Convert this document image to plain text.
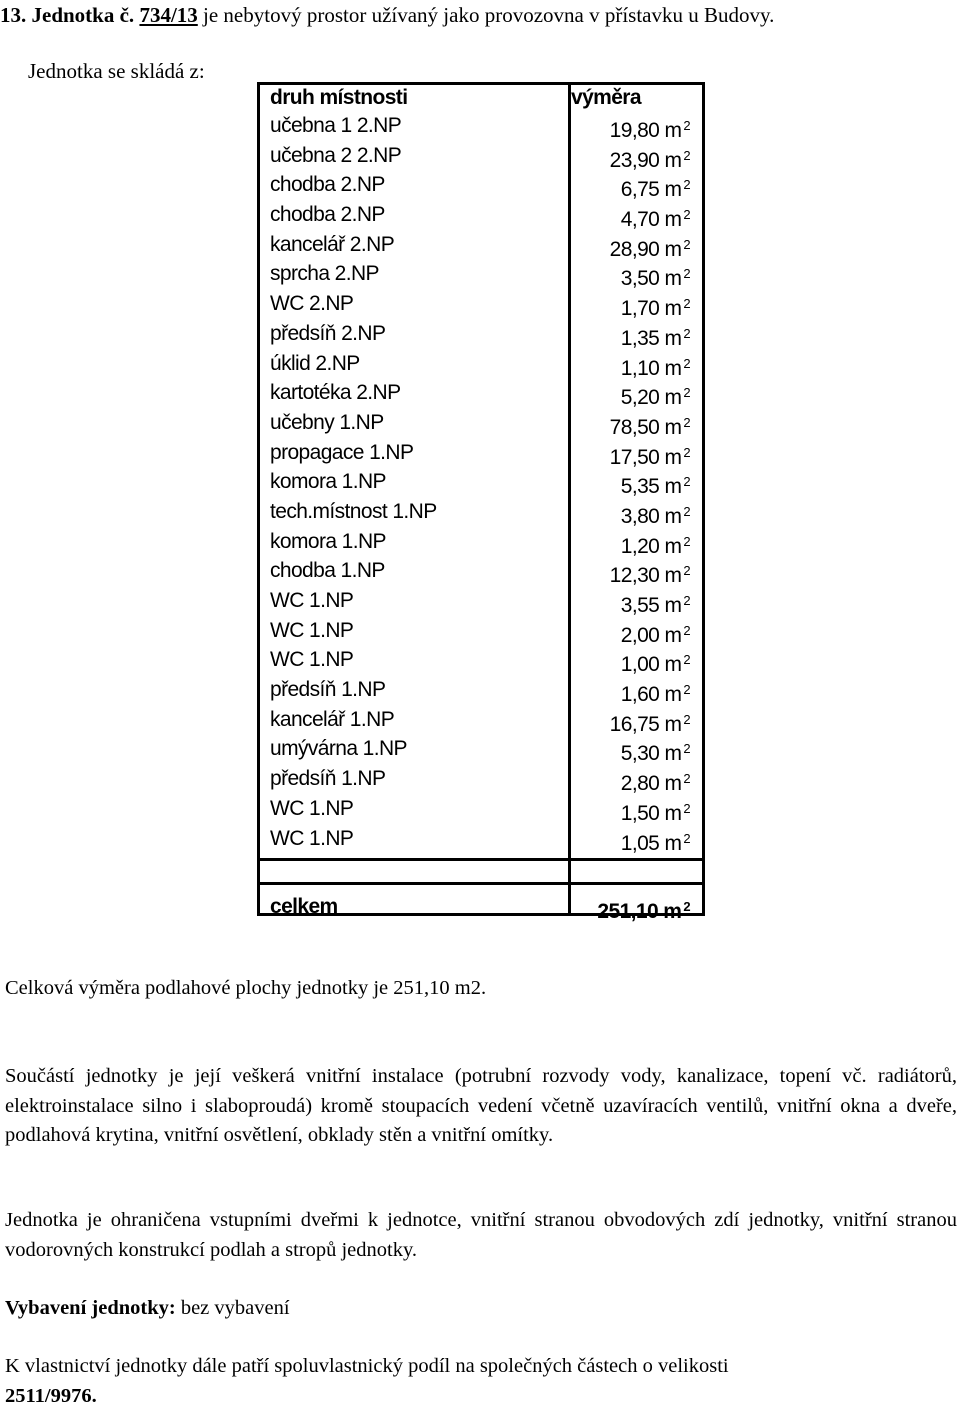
13. Jednotka č. 734/13 je nebytový prostor užívaný jako provozovna v přístavku u Budovy.
Jednotka se skládá z:
druh místnosti	výměra
učebna 1 2.NP	19,80 m $^2$
učebna 2 2.NP	23,90 m $^2$
chodba 2.NP	6,75 m $^2$
chodba 2.NP	4,70 m $^2$
kancelář 2.NP	28,90 m $^2$
sprcha 2.NP	3,50 m $^2$
WC 2.NP	1,70 m $^2$
předsíň 2.NP	1,35 m $^2$
úklid 2.NP	1,10 m $^2$
kartotéka 2.NP	5,20 m $^2$
učebny 1.NP	78,50 m $^2$
propagace 1.NP	17,50 m $^2$
komora 1.NP	5,35 m $^2$
tech.místnost 1.NP	3,80 m $^2$
komora 1.NP	1,20 m $^2$
chodba 1.NP	12,30 m $^2$
WC 1.NP	3,55 m $^2$
WC 1.NP	2,00 m $^2$
WC 1.NP	1,00 m $^2$
předsíň 1.NP	1,60 m $^2$
kancelář 1.NP	16,75 m $^2$
umývárna 1.NP	5,30 m $^2$
předsíň 1.NP	2,80 m $^2$
WC 1.NP	1,50 m $^2$
WC 1.NP	1,05 m $^2$
celkem	251,10 m $^2$
Celková výměra podlahové plochy jednotky je 251,10 m2.
Součástí jednotky je její veškerá vnitřní instalace (potrubní rozvody vody, kanalizace, topení vč. radiátorů, elektroinstalace silno i slaboproudá) kromě stoupacích vedení včetně uzavíracích ventilů, vnitřní okna a dveře, podlahová krytina, vnitřní osvětlení, obklady stěn a vnitřní omítky.
Jednotka je ohraničena vstupními dveřmi k jednotce, vnitřní stranou obvodových zdí jednotky, vnitřní stranou vodorovných konstrukcí podlah a stropů jednotky.
Vybavení jednotky: bez vybavení
K vlastnictví jednotky dále patří spoluvlastnický podíl na společných částech o velikosti
2511/9976.
